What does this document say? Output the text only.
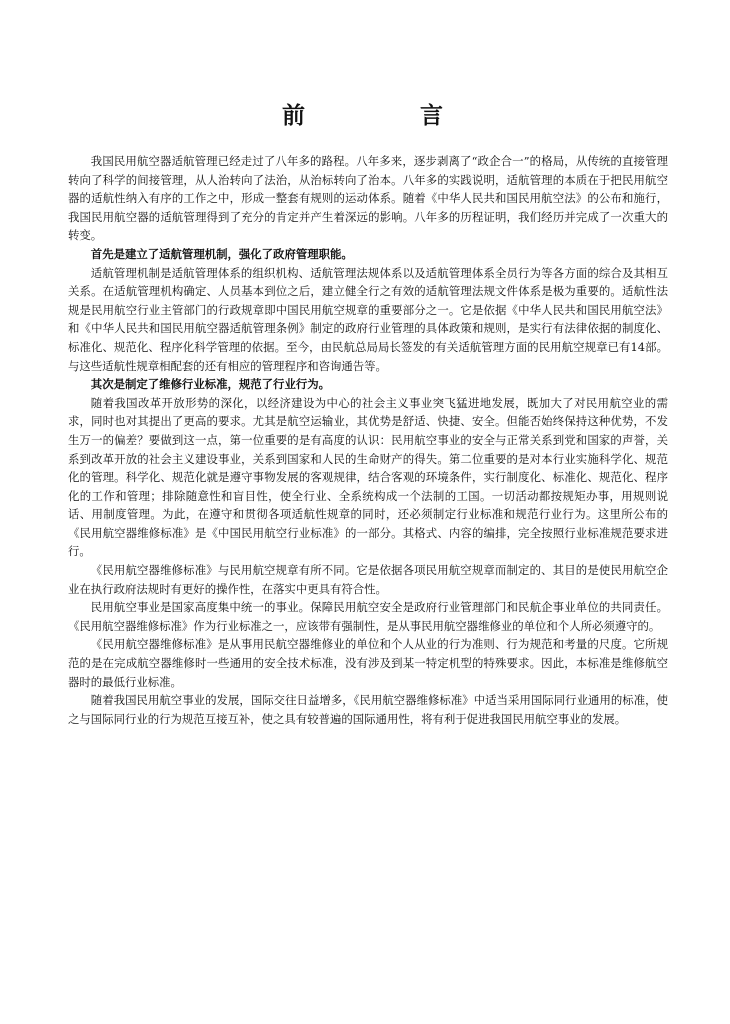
前	言

我国民用航空器适航管理已经走过了八年多的路程。八年多来，逐步剥离了“政企合一”的格局，从传统的直接管理转向了科学的间接管理，从人治转向了法治，从治标转向了治本。八年多的实践说明，适航管理的本质在于把民用航空器的适航性纳入有序的工作之中，形成一整套有规则的运动体系。随着《中华人民共和国民用航空法》的公布和施行，我国民用航空器的适航管理得到了充分的肯定并产生着深远的影响。八年多的历程证明，我们经历并完成了一次重大的转变。

首先是建立了适航管理机制，强化了政府管理职能。

适航管理机制是适航管理体系的组织机构、适航管理法规体系以及适航管理体系全员行为等各方面的综合及其相互关系。在适航管理机构确定、人员基本到位之后，建立健全行之有效的适航管理法规文件体系是极为重要的。适航性法规是民用航空行业主管部门的行政规章即中国民用航空规章的重要部分之一。它是依据《中华人民共和国民用航空法》和《中华人民共和国民用航空器适航管理条例》制定的政府行业管理的具体政策和规则，是实行有法律依据的制度化、标准化、规范化、程序化科学管理的依据。至今，由民航总局局长签发的有关适航管理方面的民用航空规章已有14部。与这些适航性规章相配套的还有相应的管理程序和咨询通告等。

其次是制定了维修行业标准，规范了行业行为。

随着我国改革开放形势的深化，以经济建设为中心的社会主义事业突飞猛进地发展，既加大了对民用航空业的需求，同时也对其提出了更高的要求。尤其是航空运输业，其优势是舒适、快捷、安全。但能否始终保持这种优势，不发生万一的偏差？要做到这一点，第一位重要的是有高度的认识：民用航空事业的安全与正常关系到党和国家的声誉，关系到改革开放的社会主义建设事业，关系到国家和人民的生命财产的得失。第二位重要的是对本行业实施科学化、规范化的管理。科学化、规范化就是遵守事物发展的客观规律，结合客观的环境条件，实行制度化、标准化、规范化、程序化的工作和管理；排除随意性和盲目性，使全行业、全系统构成一个法制的工国。一切活动都按规矩办事，用规则说话、用制度管理。为此，在遵守和贯彻各项适航性规章的同时，还必须制定行业标准和规范行业行为。这里所公布的《民用航空器维修标准》是《中国民用航空行业标准》的一部分。其格式、内容的编排，完全按照行业标准规范要求进行。

《民用航空器维修标准》与民用航空规章有所不同。它是依据各项民用航空规章而制定的、其目的是使民用航空企业在执行政府法规时有更好的操作性，在落实中更具有符合性。

民用航空事业是国家高度集中统一的事业。保障民用航空安全是政府行业管理部门和民航企事业单位的共同责任。《民用航空器维修标准》作为行业标准之一，应该带有强制性，是从事民用航空器维修业的单位和个人所必须遵守的。

《民用航空器维修标准》是从事用民航空器维修业的单位和个人从业的行为准则、行为规范和考量的尺度。它所规范的是在完成航空器维修时一些通用的安全技术标准，没有涉及到某一特定机型的特殊要求。因此，本标准是维修航空器时的最低行业标准。

随着我国民用航空事业的发展，国际交往日益增多，《民用航空器维修标准》中适当采用国际同行业通用的标准，使之与国际同行业的行为规范互接互补，使之具有较普遍的国际通用性，将有利于促进我国民用航空事业的发展。
